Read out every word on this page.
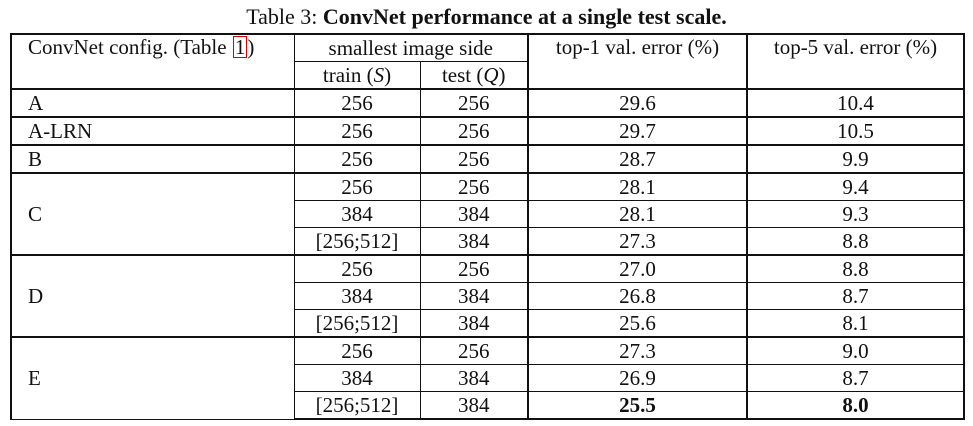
Table 3: ConvNet performance at a single test scale.
ConvNet config. (Table 1)	smallest image side		top-1 val. error (%)	top-5 val. error (%)
	train (S)	test (Q)		
A	256	256	29.6	10.4
A-LRN	256	256	29.7	10.5
B	256	256	28.7	9.9
C	256	256	28.1	9.4
	384	384	28.1	9.3
	[256;512]	384	27.3	8.8
D	256	256	27.0	8.8
	384	384	26.8	8.7
	[256;512]	384	25.6	8.1
E	256	256	27.3	9.0
	384	384	26.9	8.7
	[256;512]	384	25.5	8.0
